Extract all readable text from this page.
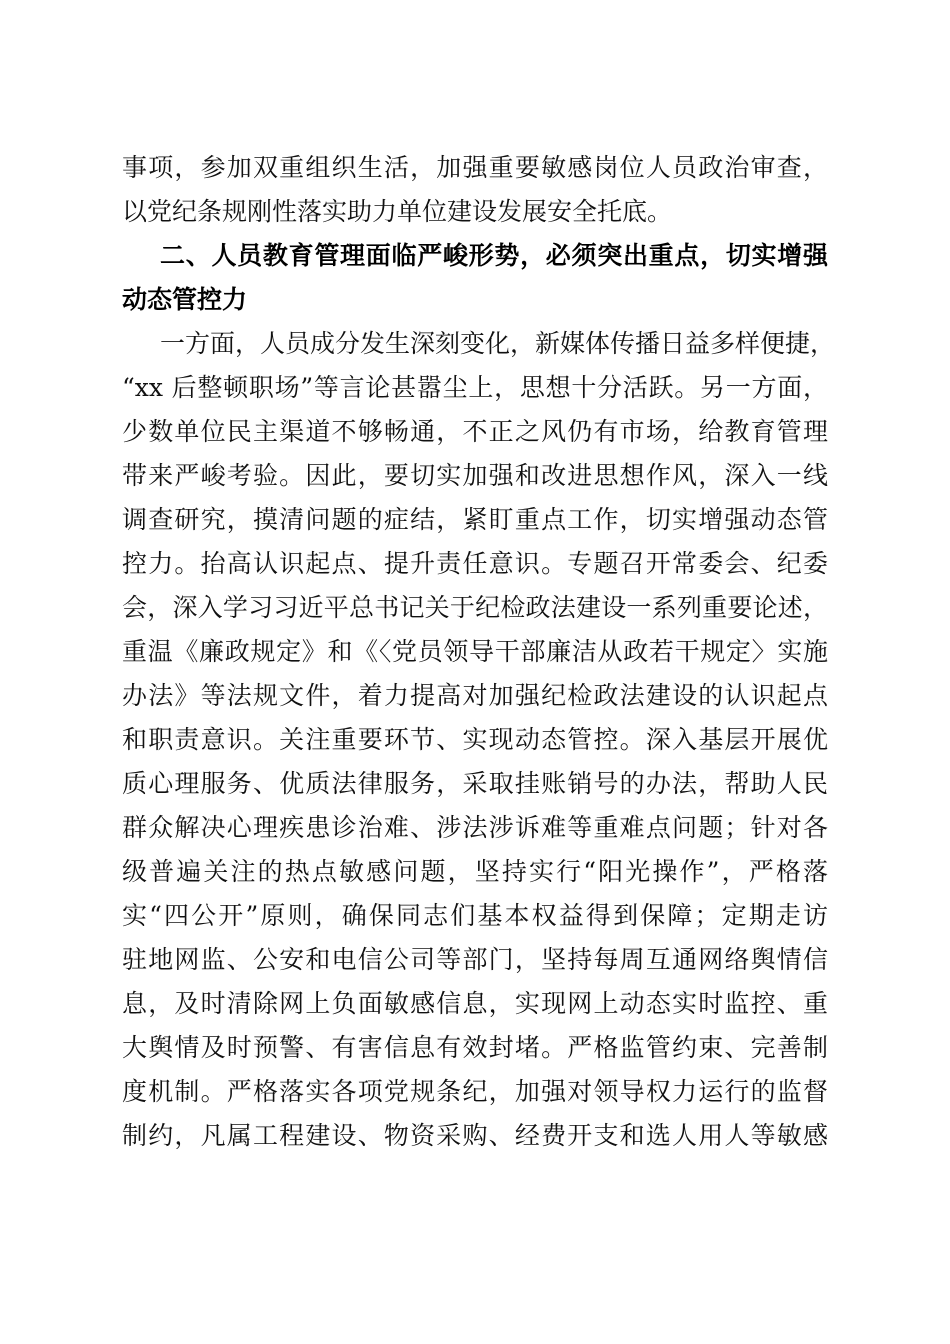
事项，参加双重组织生活，加强重要敏感岗位人员政治审查，

以党纪条规刚性落实助力单位建设发展安全托底。

二、人员教育管理面临严峻形势，必须突出重点，切实增强

动态管控力

一方面，人员成分发生深刻变化，新媒体传播日益多样便捷，

“xx 后整顿职场”等言论甚嚣尘上，思想十分活跃。另一方面，

少数单位民主渠道不够畅通，不正之风仍有市场，给教育管理

带来严峻考验。因此，要切实加强和改进思想作风，深入一线

调查研究，摸清问题的症结，紧盯重点工作，切实增强动态管

控力。抬高认识起点、提升责任意识。专题召开常委会、纪委

会，深入学习习近平总书记关于纪检政法建设一系列重要论述，

重温《廉政规定》和《〈党员领导干部廉洁从政若干规定〉实施

办法》等法规文件，着力提高对加强纪检政法建设的认识起点

和职责意识。关注重要环节、实现动态管控。深入基层开展优

质心理服务、优质法律服务，采取挂账销号的办法，帮助人民

群众解决心理疾患诊治难、涉法涉诉难等重难点问题；针对各

级普遍关注的热点敏感问题，坚持实行“阳光操作”，严格落

实“四公开”原则，确保同志们基本权益得到保障；定期走访

驻地网监、公安和电信公司等部门，坚持每周互通网络舆情信

息，及时清除网上负面敏感信息，实现网上动态实时监控、重

大舆情及时预警、有害信息有效封堵。严格监管约束、完善制

度机制。严格落实各项党规条纪，加强对领导权力运行的监督

制约，凡属工程建设、物资采购、经费开支和选人用人等敏感
